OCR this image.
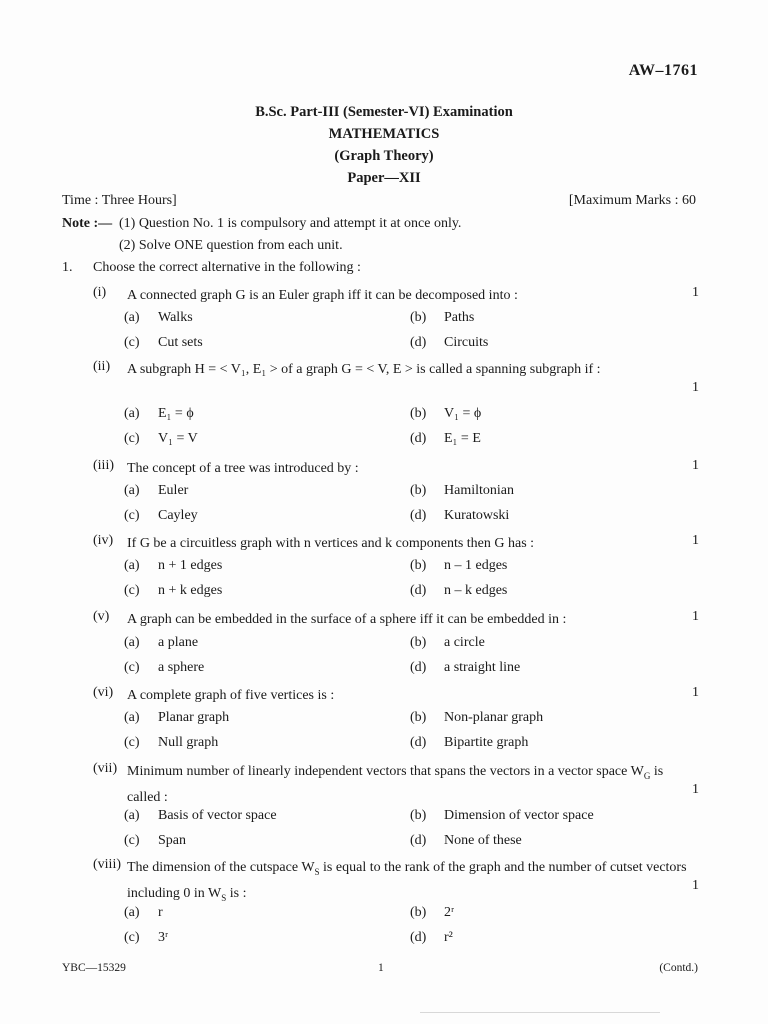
AW–1761
B.Sc. Part-III (Semester-VI) Examination
MATHEMATICS
(Graph Theory)
Paper—XII
Time : Three Hours]	[Maximum Marks : 60
Note :— (1) Question No. 1 is compulsory and attempt it at once only.
(2) Solve ONE question from each unit.
1. Choose the correct alternative in the following :
(i) A connected graph G is an Euler graph iff it can be decomposed into :	1
(a) Walks	(b) Paths
(c) Cut sets	(d) Circuits
(ii) A subgraph H = < V₁, E₁ > of a graph G = < V, E > is called a spanning subgraph if :
1
(a) E₁ = ϕ	(b) V₁ = ϕ
(c) V₁ = V	(d) E₁ = E
(iii) The concept of a tree was introduced by :	1
(a) Euler	(b) Hamiltonian
(c) Cayley	(d) Kuratowski
(iv) If G be a circuitless graph with n vertices and k components then G has :	1
(a) n + 1 edges	(b) n – 1 edges
(c) n + k edges	(d) n – k edges
(v) A graph can be embedded in the surface of a sphere iff it can be embedded in :	1
(a) a plane	(b) a circle
(c) a sphere	(d) a straight line
(vi) A complete graph of five vertices is :	1
(a) Planar graph	(b) Non-planar graph
(c) Null graph	(d) Bipartite graph
(vii) Minimum number of linearly independent vectors that spans the vectors in a vector space $W_G$ is called :
1
(a) Basis of vector space	(b) Dimension of vector space
(c) Span	(d) None of these
(viii) The dimension of the cutspace $W_S$ is equal to the rank of the graph and the number of cutset vectors including 0 in $W_S$ is :
1
(a) r	(b) 2ʳ
(c) 3ʳ	(d) r²
YBC—15329	1	(Contd.)
